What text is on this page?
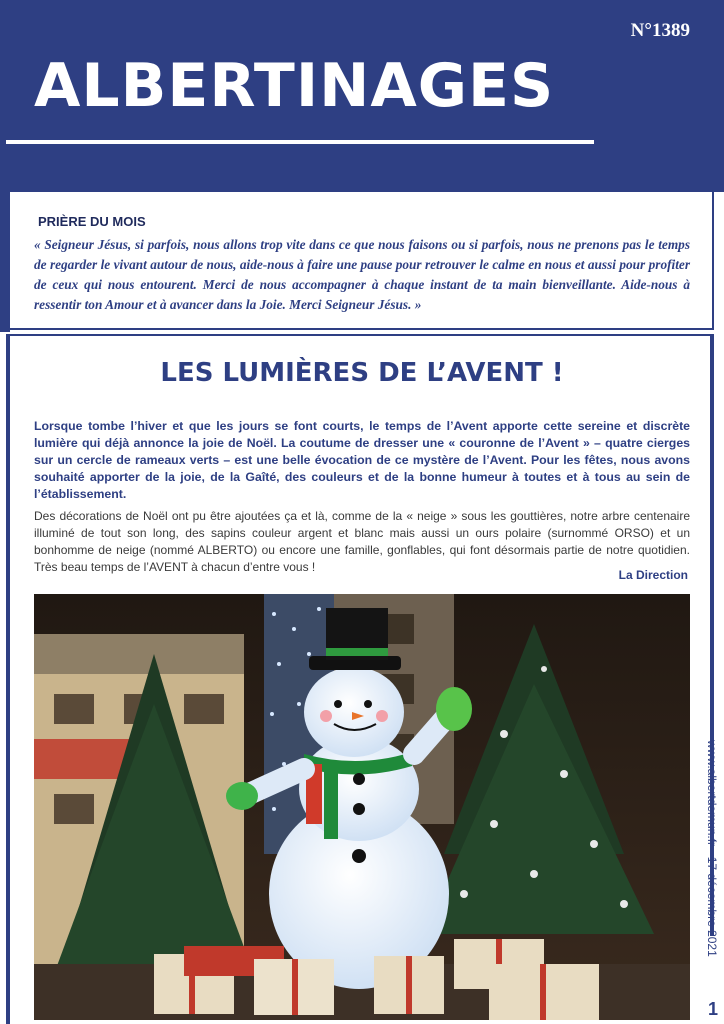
N°1389
ALBERTINAGES
PRIÈRE DU MOIS
« Seigneur Jésus, si parfois, nous allons trop vite dans ce que nous faisons ou si parfois, nous ne prenons pas le temps de regarder le vivant autour de nous, aide-nous à faire une pause pour retrouver le calme en nous et aussi pour profiter de ceux qui nous entourent. Merci de nous accompagner à chaque instant de ta main bienveillante. Aide-nous à ressentir ton Amour et à avancer dans la Joie. Merci Seigneur Jésus. »
LES LUMIÈRES DE L’AVENT !
Lorsque tombe l’hiver et que les jours se font courts, le temps de l’Avent apporte cette sereine et discrète lumière qui déjà annonce la joie de Noël. La coutume de dresser une « couronne de l’Avent » – quatre cierges sur un cercle de rameaux verts – est une belle évocation de ce mystère de l’Avent. Pour les fêtes, nous avons souhaité apporter de la joie, de la Gaîté, des couleurs et de la bonne humeur à toutes et à tous au sein de l’établissement.
Des décorations de Noël ont pu être ajoutées ça et là, comme de la « neige » sous les gouttières, notre arbre centenaire illuminé de tout son long, des sapins couleur argent et blanc mais aussi un ours polaire (surnommé ORSO) et un bonhomme de neige (nommé ALBERTO) ou encore une famille, gonflables, qui font désormais partie de notre quotidien. Très beau temps de l’AVENT à chacun d’entre vous !
La Direction
www.albertdemun.fr - 17 décembre 2021
1
